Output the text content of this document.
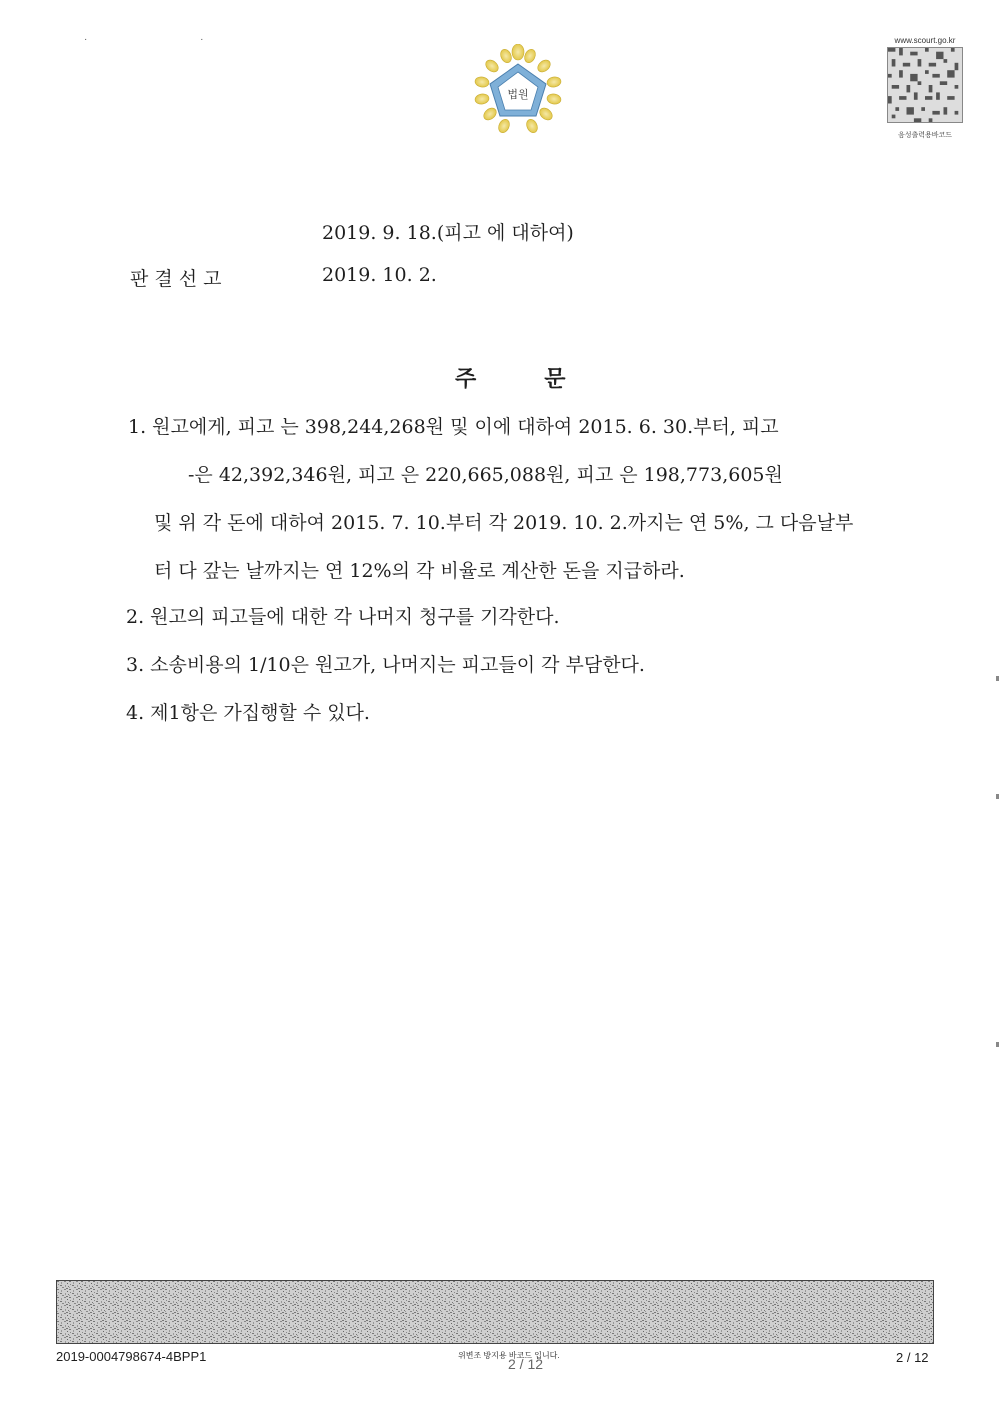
· ·
법원
www.scourt.go.kr
음성출력용바코드
2019. 9. 18.(피고 에 대하여)
판 결 선 고	2019. 10. 2.
주	문
1. 원고에게, 피고 는 398,244,268원 및 이에 대하여 2015. 6. 30.부터, 피고
-은 42,392,346원, 피고 은 220,665,088원, 피고 은 198,773,605원
및 위 각 돈에 대하여 2015. 7. 10.부터 각 2019. 10. 2.까지는 연 5%, 그 다음날부
터 다 갚는 날까지는 연 12%의 각 비율로 계산한 돈을 지급하라.
2. 원고의 피고들에 대한 각 나머지 청구를 기각한다.
3. 소송비용의 1/10은 원고가, 나머지는 피고들이 각 부담한다.
4. 제1항은 가집행할 수 있다.
2019-0004798674-4BPP1	위변조 방지용 바코드 입니다.
2 / 12	2 / 12
